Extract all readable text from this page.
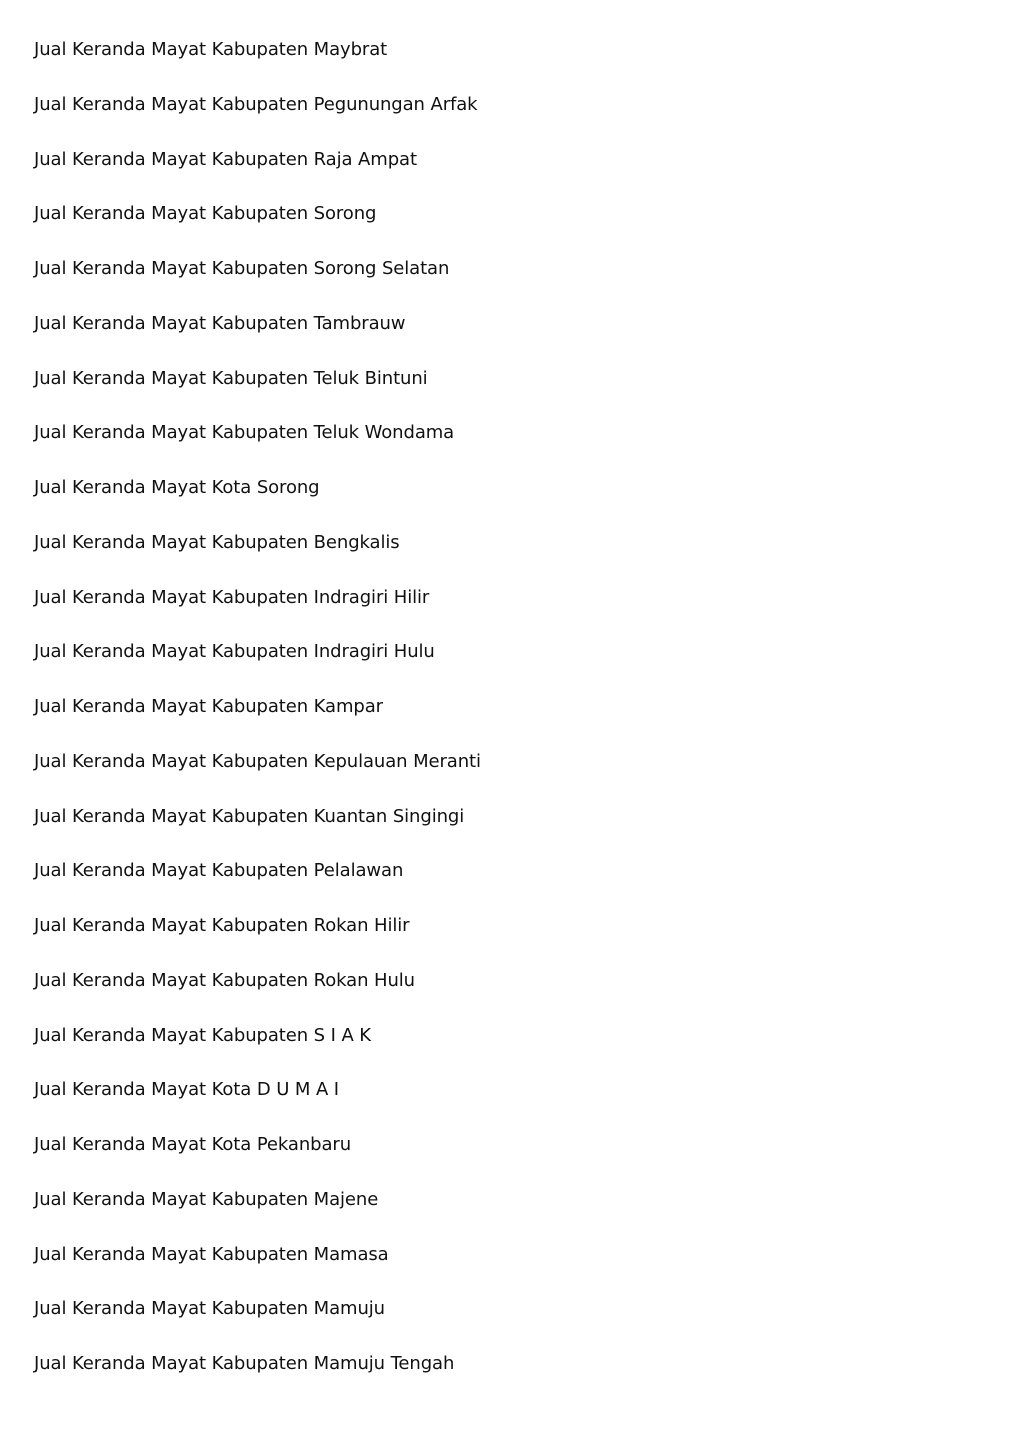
Jual Keranda Mayat Kabupaten Maybrat
Jual Keranda Mayat Kabupaten Pegunungan Arfak
Jual Keranda Mayat Kabupaten Raja Ampat
Jual Keranda Mayat Kabupaten Sorong
Jual Keranda Mayat Kabupaten Sorong Selatan
Jual Keranda Mayat Kabupaten Tambrauw
Jual Keranda Mayat Kabupaten Teluk Bintuni
Jual Keranda Mayat Kabupaten Teluk Wondama
Jual Keranda Mayat Kota Sorong
Jual Keranda Mayat Kabupaten Bengkalis
Jual Keranda Mayat Kabupaten Indragiri Hilir
Jual Keranda Mayat Kabupaten Indragiri Hulu
Jual Keranda Mayat Kabupaten Kampar
Jual Keranda Mayat Kabupaten Kepulauan Meranti
Jual Keranda Mayat Kabupaten Kuantan Singingi
Jual Keranda Mayat Kabupaten Pelalawan
Jual Keranda Mayat Kabupaten Rokan Hilir
Jual Keranda Mayat Kabupaten Rokan Hulu
Jual Keranda Mayat Kabupaten S I A K
Jual Keranda Mayat Kota D U M A I
Jual Keranda Mayat Kota Pekanbaru
Jual Keranda Mayat Kabupaten Majene
Jual Keranda Mayat Kabupaten Mamasa
Jual Keranda Mayat Kabupaten Mamuju
Jual Keranda Mayat Kabupaten Mamuju Tengah
